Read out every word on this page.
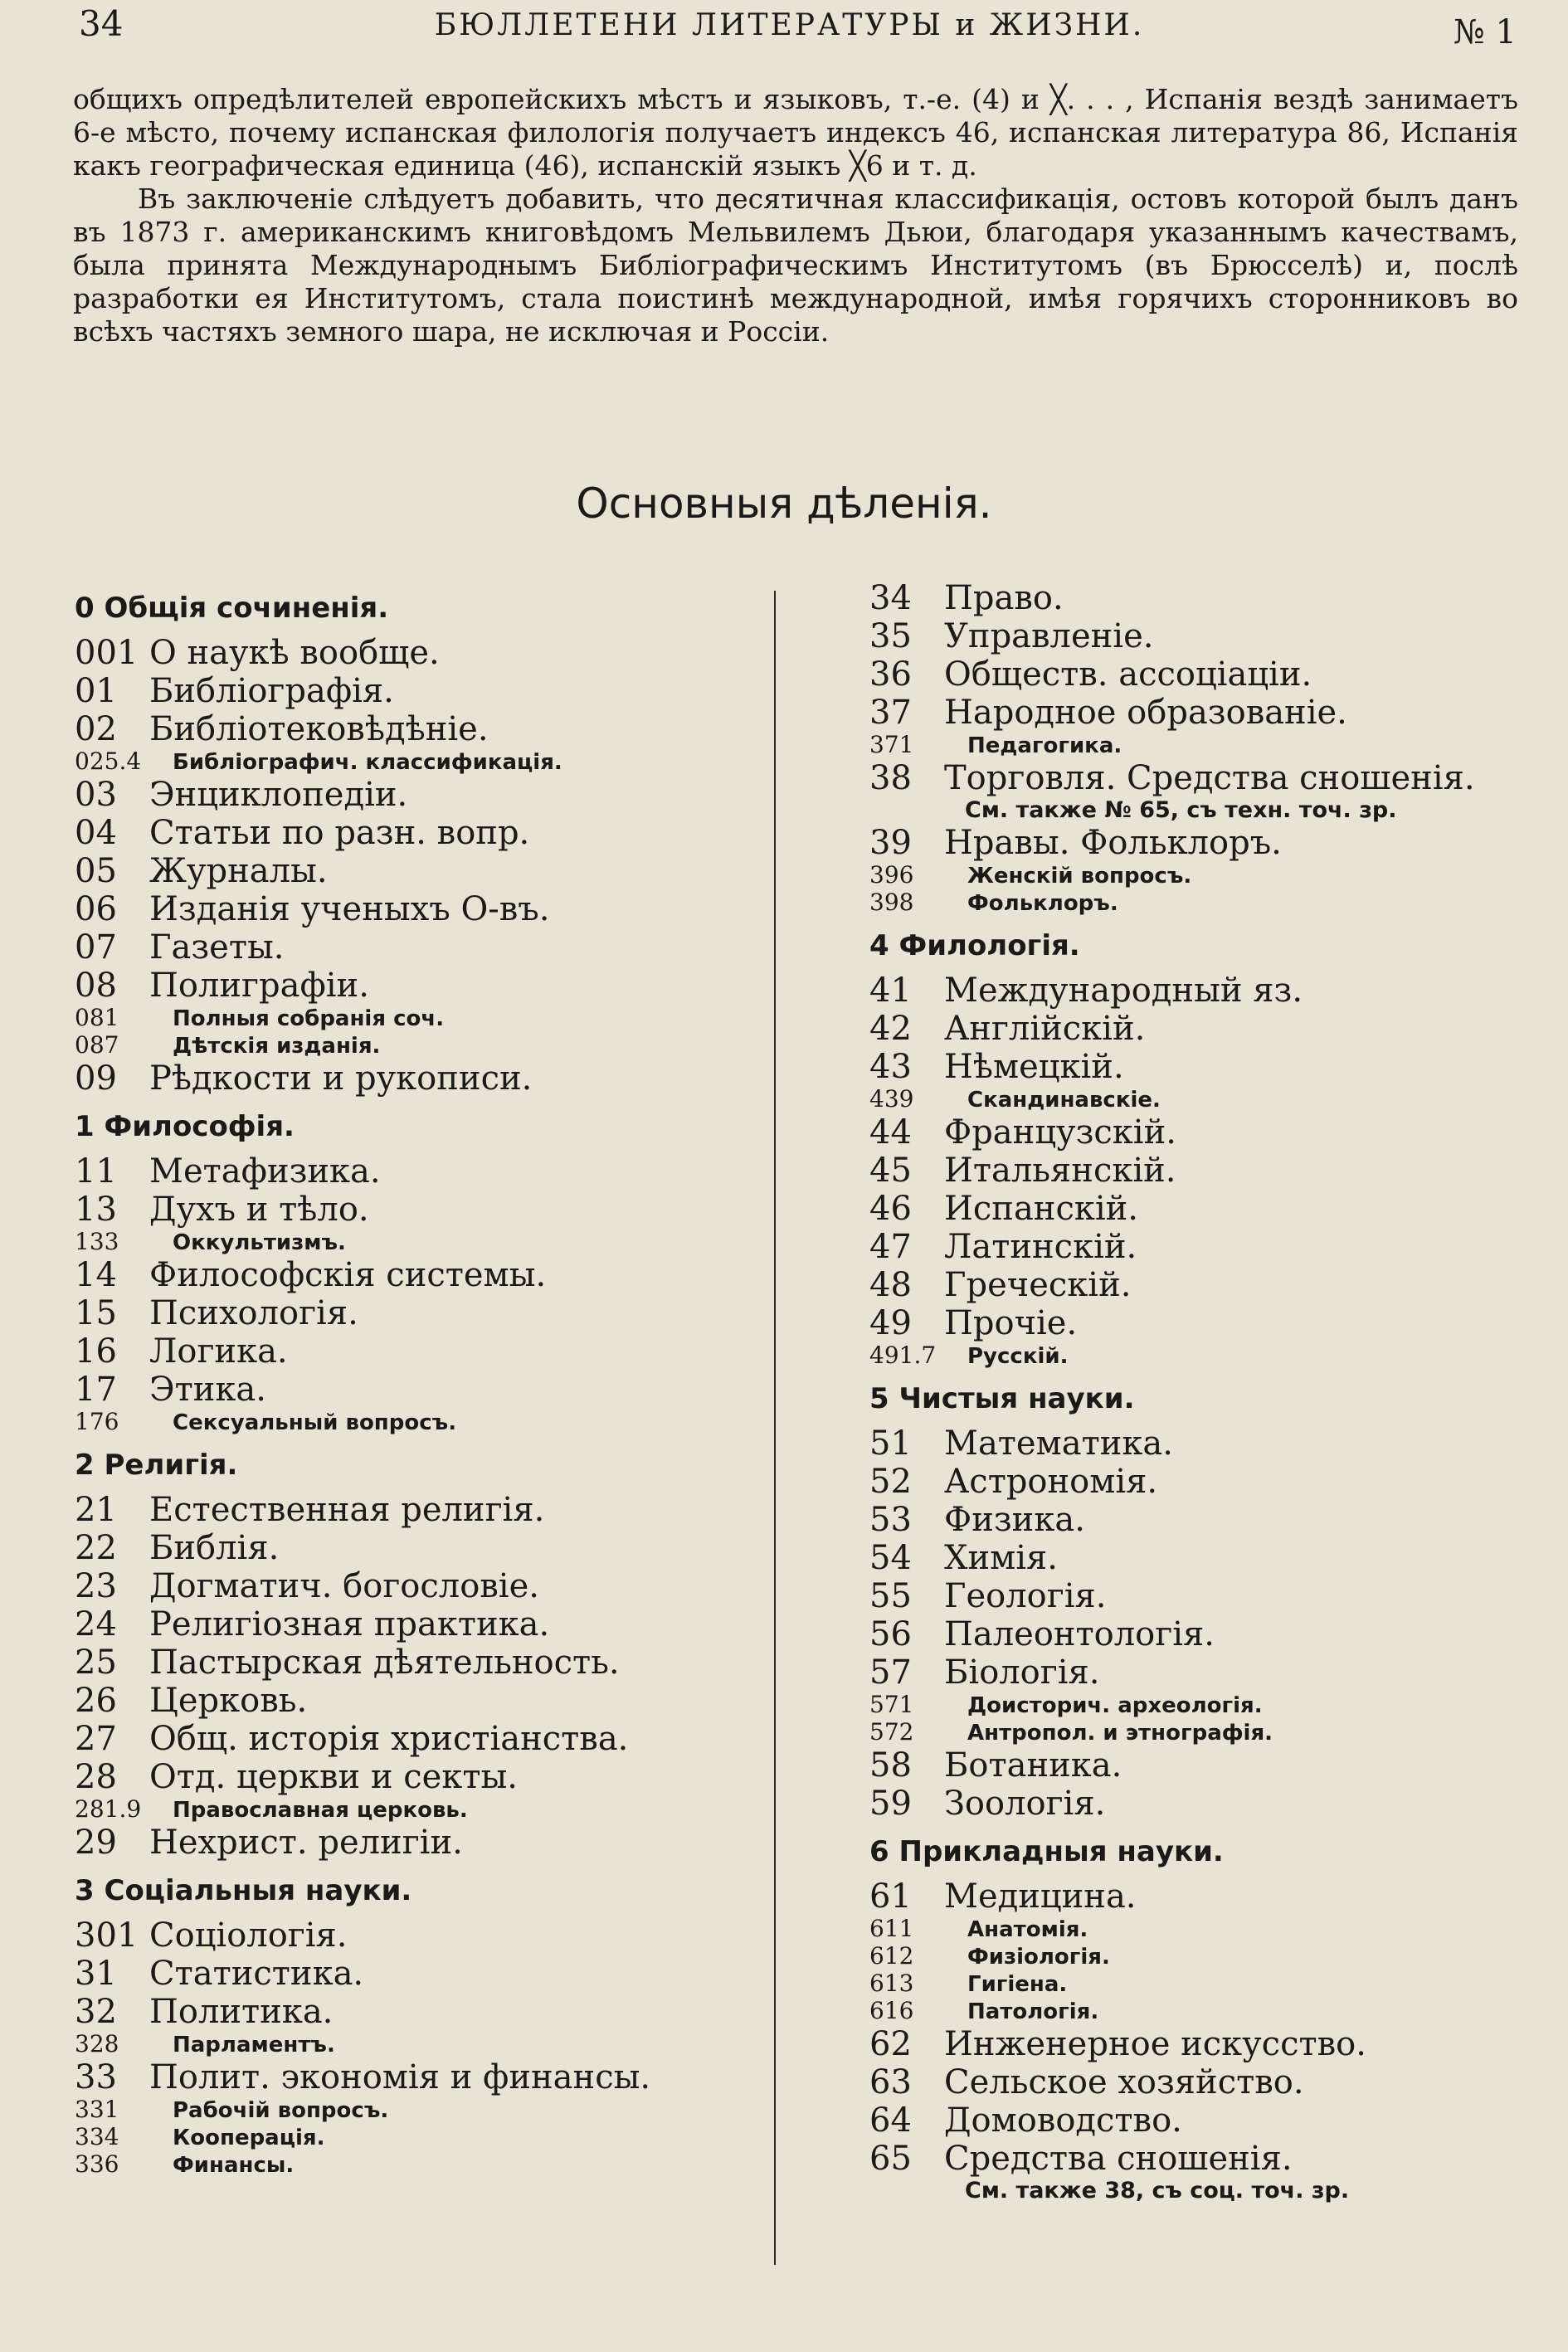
34	БЮЛЛЕТЕНИ ЛИТЕРАТУРЫ и ЖИЗНИ.	№ 1

общихъ опредѣлителей европейскихъ мѣстъ и языковъ, т.-е. (4) и ╳. . . , Испанія вездѣ занимаетъ 6-е мѣсто, почему испанская филологія получаетъ индексъ 46, испанская литература 86, Испанія какъ географическая единица (46), испанскій языкъ ╳6 и т. д.

Въ заключеніе слѣдуетъ добавить, что десятичная классификація, остовъ которой былъ данъ въ 1873 г. американскимъ книговѣдомъ Мельвилемъ Дьюи, благодаря указаннымъ качествамъ, была принята Международнымъ Библіографическимъ Институтомъ (въ Брюсселѣ) и, послѣ разработки ея Институтомъ, стала поистинѣ международной, имѣя горячихъ сторонниковъ во всѣхъ частяхъ земного шара, не исключая и Россіи.

Основныя дѣленія.
0 Общія сочиненія.
001 О наукѣ вообще.
01 Библіографія.
02 Библіотековѣдѣніе.
025.4	Библіографич. классификація.
03 Энциклопедіи.
04 Статьи по разн. вопр.
05 Журналы.
06 Изданія ученыхъ О-въ.
07 Газеты.
08 Полиграфіи.
081	Полныя собранія соч.
087	Дѣтскія изданія.
09 Рѣдкости и рукописи.
1 Философія.
11 Метафизика.
13 Духъ и тѣло.
133	Оккультизмъ.
14 Философскія системы.
15 Психологія.
16 Логика.
17 Этика.
176	Сексуальный вопросъ.
2 Религія.
21 Естественная религія.
22 Библія.
23 Догматич. богословіе.
24 Религіозная практика.
25 Пастырская дѣятельность.
26 Церковь.
27 Общ. исторія христіанства.
28 Отд. церкви и секты.
281.9	Православная церковь.
29 Нехрист. религіи.
3 Соціальныя науки.
301 Соціологія.
31 Статистика.
32 Политика.
328	Парламентъ.
33 Полит. экономія и финансы.
331	Рабочій вопросъ.
334	Кооперація.
336	Финансы.
34 Право.
35 Управленіе.
36 Обществ. ассоціаціи.
37 Народное образованіе.
371	Педагогика.
38 Торговля. Средства сношенія.
См. также № 65, съ техн. точ. зр.
39 Нравы. Фольклоръ.
396	Женскій вопросъ.
398	Фольклоръ.
4 Филологія.
41 Международный яз.
42 Англійскій.
43 Нѣмецкій.
439	Скандинавскіе.
44 Французскій.
45 Итальянскій.
46 Испанскій.
47 Латинскій.
48 Греческій.
49 Прочіе.
491.7	Русскій.
5 Чистыя науки.
51 Математика.
52 Астрономія.
53 Физика.
54 Химія.
55 Геологія.
56 Палеонтологія.
57 Біологія.
571	Доисторич. археологія.
572	Антропол. и этнографія.
58 Ботаника.
59 Зоологія.
6 Прикладныя науки.
61 Медицина.
611	Анатомія.
612	Физіологія.
613	Гигіена.
616	Патологія.
62 Инженерное искусство.
63 Сельское хозяйство.
64 Домоводство.
65 Средства сношенія.
См. также 38, съ соц. точ. зр.
